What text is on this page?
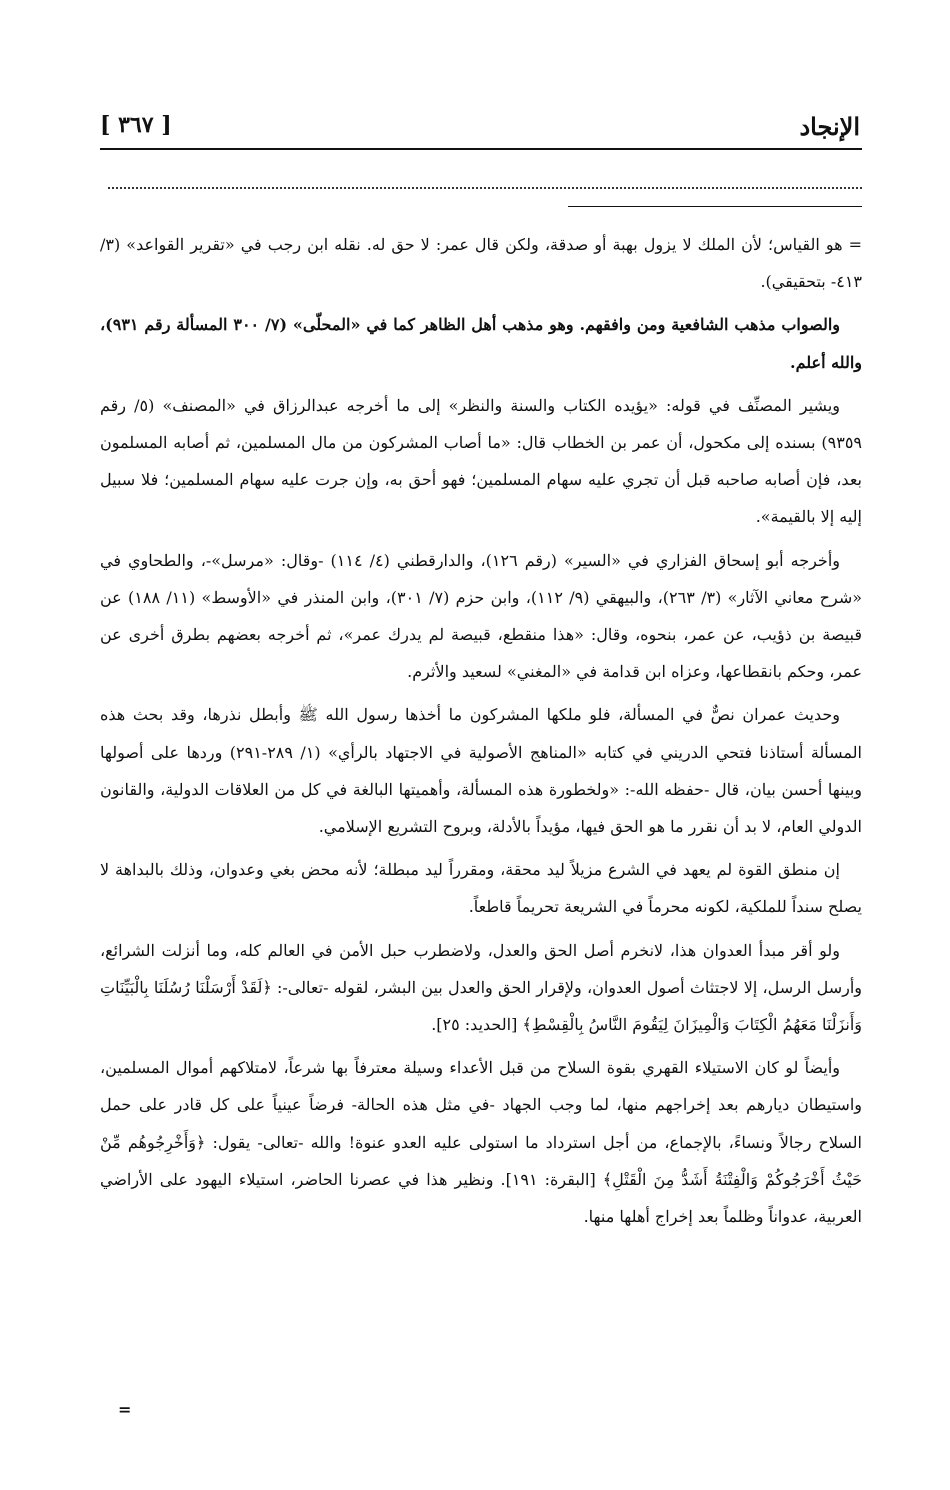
الإنجاد
[ ٣٦٧ ]

= هو القياس؛ لأن الملك لا يزول بهبة أو صدقة، ولكن قال عمر: لا حق له. نقله ابن رجب في «تقرير القواعد» (٣/ ٤١٣- بتحقيقي).

والصواب مذهب الشافعية ومن وافقهم. وهو مذهب أهل الظاهر كما في «المحلّى» (٧/ ٣٠٠ المسألة رقم ٩٣١)، والله أعلم.

ويشير المصنِّف في قوله: «يؤيده الكتاب والسنة والنظر» إلى ما أخرجه عبدالرزاق في «المصنف» (٥/ رقم ٩٣٥٩) بسنده إلى مكحول، أن عمر بن الخطاب قال: «ما أصاب المشركون من مال المسلمين، ثم أصابه المسلمون بعد، فإن أصابه صاحبه قبل أن تجري عليه سهام المسلمين؛ فهو أحق به، وإن جرت عليه سهام المسلمين؛ فلا سبيل إليه إلا بالقيمة».

وأخرجه أبو إسحاق الفزاري في «السير» (رقم ١٢٦)، والدارقطني (٤/ ١١٤) -وقال: «مرسل»-، والطحاوي في «شرح معاني الآثار» (٣/ ٢٦٣)، والبيهقي (٩/ ١١٢)، وابن حزم (٧/ ٣٠١)، وابن المنذر في «الأوسط» (١١/ ١٨٨) عن قبيصة بن ذؤيب، عن عمر، بنحوه، وقال: «هذا منقطع، قبيصة لم يدرك عمر»، ثم أخرجه بعضهم بطرق أخرى عن عمر، وحكم بانقطاعها، وعزاه ابن قدامة في «المغني» لسعيد والأثرم.

وحديث عمران نصٌّ في المسألة، فلو ملكها المشركون ما أخذها رسول الله ﷺ وأبطل نذرها، وقد بحث هذه المسألة أستاذنا فتحي الدريني في كتابه «المناهج الأصولية في الاجتهاد بالرأي» (١/ ٢٨٩-٢٩١) وردها على أصولها وبينها أحسن بيان، قال -حفظه الله-: «ولخطورة هذه المسألة، وأهميتها البالغة في كل من العلاقات الدولية، والقانون الدولي العام، لا بد أن نقرر ما هو الحق فيها، مؤيداً بالأدلة، وبروح التشريع الإسلامي.

إن منطق القوة لم يعهد في الشرع مزيلاً ليد محقة، ومقرراً ليد مبطلة؛ لأنه محض بغي وعدوان، وذلك بالبداهة لا يصلح سنداً للملكية، لكونه محرماً في الشريعة تحريماً قاطعاً.

ولو أقر مبدأ العدوان هذا، لانخرم أصل الحق والعدل، ولاضطرب حبل الأمن في العالم كله، وما أنزلت الشرائع، وأرسل الرسل، إلا لاجتثاث أصول العدوان، ولإقرار الحق والعدل بين البشر، لقوله -تعالى-: ﴿لَقَدْ أَرْسَلْنَا رُسُلَنَا بِالْبَيِّنَاتِ وَأَنزَلْنَا مَعَهُمُ الْكِتَابَ وَالْمِيزَانَ لِيَقُومَ النَّاسُ بِالْقِسْطِ﴾ [الحديد: ٢٥].

وأيضاً لو كان الاستيلاء القهري بقوة السلاح من قبل الأعداء وسيلة معترفاً بها شرعاً، لامتلاكهم أموال المسلمين، واستيطان ديارهم بعد إخراجهم منها، لما وجب الجهاد -في مثل هذه الحالة- فرضاً عينياً على كل قادر على حمل السلاح رجالاً ونساءً، بالإجماع، من أجل استرداد ما استولى عليه العدو عنوة! والله -تعالى- يقول: ﴿وَأَخْرِجُوهُم مِّنْ حَيْثُ أَخْرَجُوكُمْ وَالْفِتْنَةُ أَشَدُّ مِنَ الْقَتْلِ﴾ [البقرة: ١٩١]. ونظير هذا في عصرنا الحاضر، استيلاء اليهود على الأراضي العربية، عدواناً وظلماً بعد إخراج أهلها منها.

=
